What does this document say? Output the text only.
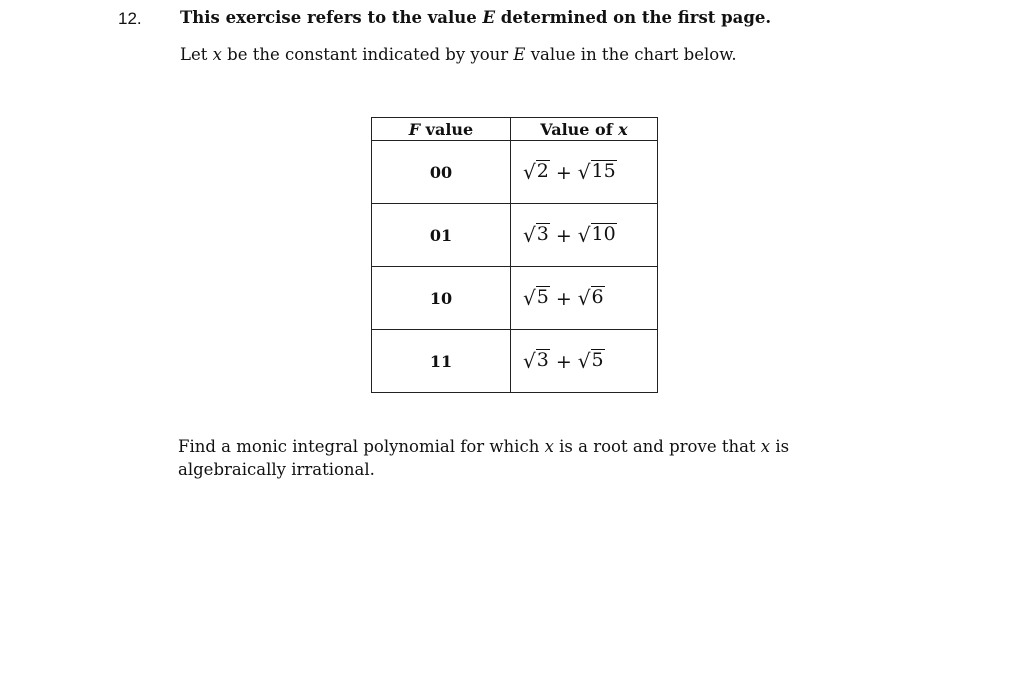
12. This exercise refers to the value E determined on the first page.
Let x be the constant indicated by your E value in the chart below.
F value	Value of x
00	√ 2 + √ 15

01	√ 3 + √ 10

10	√ 5 + √ 6

11	√ 3 + √ 5
Find a monic integral polynomial for which x is a root and prove that x is algebraically irrational.
